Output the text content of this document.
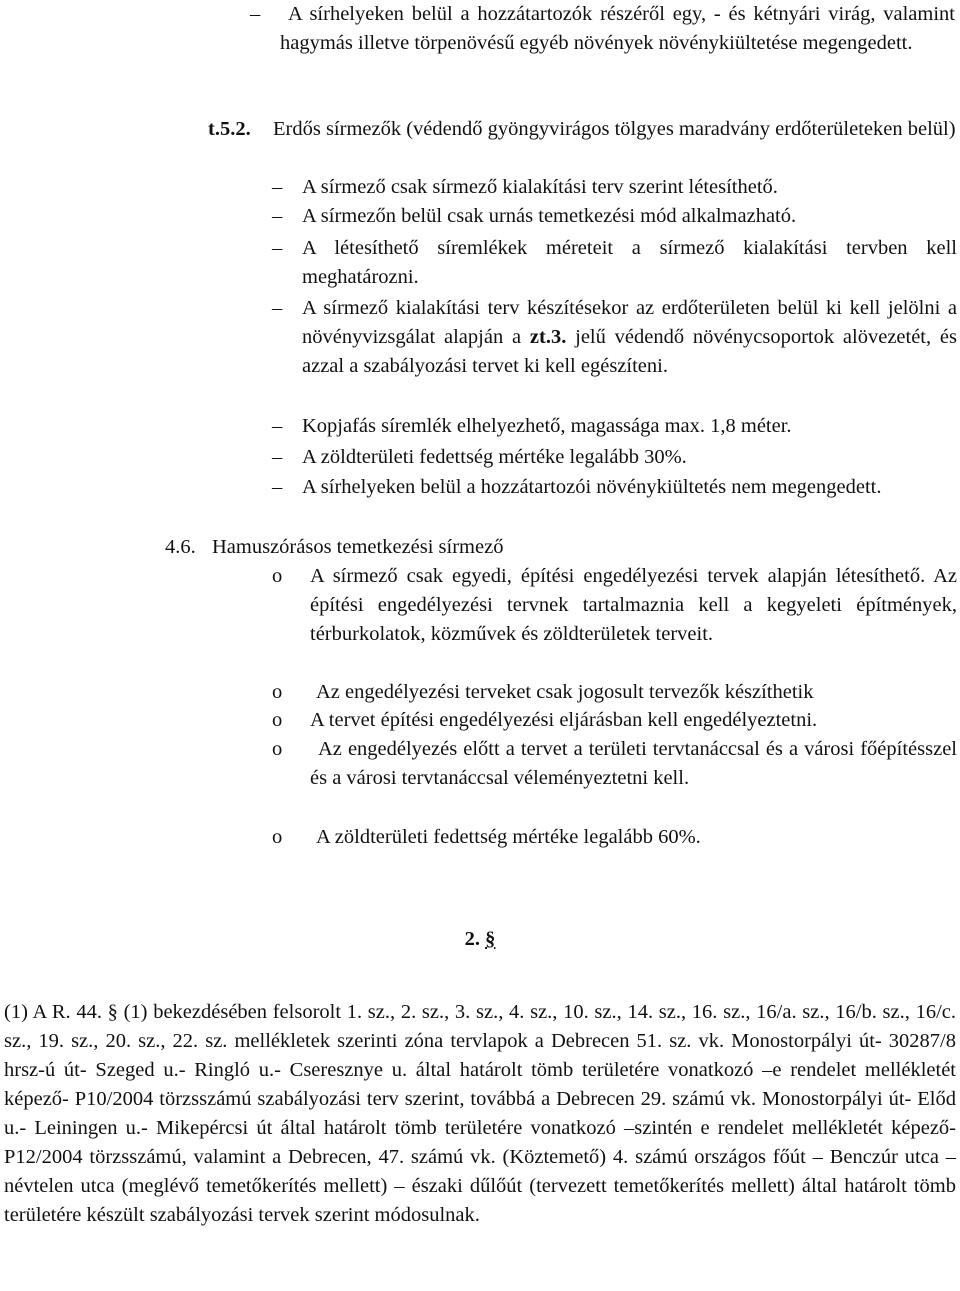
–	A sírhelyeken belül a hozzátartozók részéről egy, - és kétnyári virág, valamint hagymás illetve törpenövésű egyéb növények növénykiültetése megengedett.
t.5.2. Erdős sírmezők (védendő gyöngyvirágos tölgyes maradvány erdőterületeken belül)
– A sírmező csak sírmező kialakítási terv szerint létesíthető.
– A sírmezőn belül csak urnás temetkezési mód alkalmazható.
– A létesíthető síremlékek méreteit a sírmező kialakítási tervben kell meghatározni.
– A sírmező kialakítási terv készítésekor az erdőterületen belül ki kell jelölni a növényvizsgálat alapján a zt.3. jelű védendő növénycsoportok alövezetét, és azzal a szabályozási tervet ki kell egészíteni.
– Kopjafás síremlék elhelyezhető, magassága max. 1,8 méter.
– A zöldterületi fedettség mértéke legalább 30%.
– A sírhelyeken belül a hozzátartozói növénykiültetés nem megengedett.
4.6. Hamuszórásos temetkezési sírmező
o A sírmező csak egyedi, építési engedélyezési tervek alapján létesíthető. Az építési engedélyezési tervnek tartalmaznia kell a kegyeleti építmények, térburkolatok, közművek és zöldterületek terveit.
o Az engedélyezési terveket csak jogosult tervezők készíthetik
o A tervet építési engedélyezési eljárásban kell engedélyeztetni.
o	Az engedélyezés előtt a tervet a területi tervtanáccsal és a városi főépítésszel és a városi tervtanáccsal véleményeztetni kell.
o A zöldterületi fedettség mértéke legalább 60%.
2. §
(1) A R. 44. § (1) bekezdésében felsorolt 1. sz., 2. sz., 3. sz., 4. sz., 10. sz., 14. sz., 16. sz., 16/a. sz., 16/b. sz., 16/c. sz., 19. sz., 20. sz., 22. sz. mellékletek szerinti zóna tervlapok a Debrecen 51. sz. vk. Monostorpályi út- 30287/8 hrsz-ú út- Szeged u.- Ringló u.- Cseresznye u. által határolt tömb területére vonatkozó –e rendelet mellékletét képező- P10/2004 törzsszámú szabályozási terv szerint, továbbá a Debrecen 29. számú vk. Monostorpályi út- Előd u.- Leiningen u.- Mikepércsi út által határolt tömb területére vonatkozó –szintén e rendelet mellékletét képező- P12/2004 törzsszámú, valamint a Debrecen, 47. számú vk. (Köztemető) 4. számú országos főút – Benczúr utca – névtelen utca (meglévő temetőkerítés mellett) – északi dűlőút (tervezett temetőkerítés mellett) által határolt tömb területére készült szabályozási tervek szerint módosulnak.
